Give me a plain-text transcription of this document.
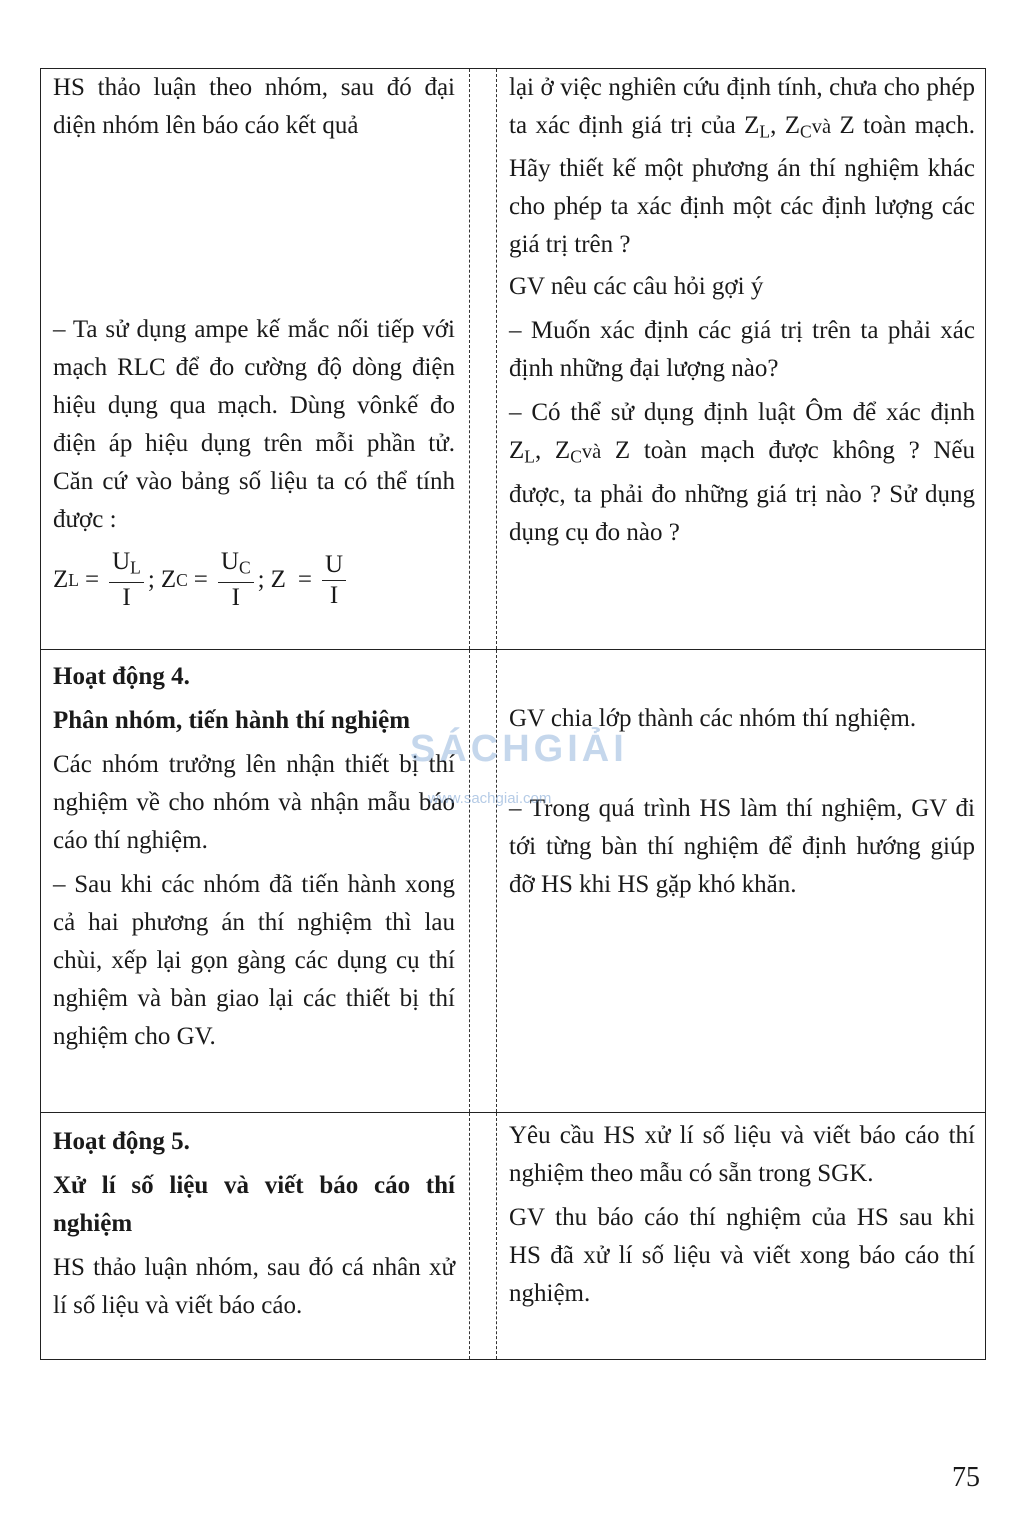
HS thảo luận theo nhóm, sau đó đại diện nhóm lên báo cáo kết quả

– Ta sử dụng ampe kế mắc nối tiếp với mạch RLC để đo cường độ dòng điện hiệu dụng qua mạch. Dùng vônkế đo điện áp hiệu dụng trên mỗi phần tử. Căn cứ vào bảng số liệu ta có thể tính được :

Z $L = \frac{U_L}{I}$ ; Z $C = \frac{U_C}{I}$ ; $Z = \frac{U}{I}$

lại ở việc nghiên cứu định tính, chưa cho phép ta xác định giá trị của $Z_L$, $Z_Cvà$ Z toàn mạch. Hãy thiết kế một phương án thí nghiệm khác cho phép ta xác định một các định lượng các giá trị trên ?

GV nêu các câu hỏi gợi ý

– Muốn xác định các giá trị trên ta phải xác định những đại lượng nào?

– Có thể sử dụng định luật Ôm để xác định $Z_L$, $Z_Cvà$ Z toàn mạch được không ? Nếu được, ta phải đo những giá trị nào ? Sử dụng dụng cụ đo nào ?

Hoạt động 4.

Phân nhóm, tiến hành thí nghiệm

Các nhóm trưởng lên nhận thiết bị thí nghiệm về cho nhóm và nhận mẫu báo cáo thí nghiệm.

– Sau khi các nhóm đã tiến hành xong cả hai phương án thí nghiệm thì lau chùi, xếp lại gọn gàng các dụng cụ thí nghiệm và bàn giao lại các thiết bị thí nghiệm cho GV.

GV chia lớp thành các nhóm thí nghiệm.

– Trong quá trình HS làm thí nghiệm, GV đi tới từng bàn thí nghiệm để định hướng giúp đỡ HS khi HS gặp khó khăn.

Hoạt động 5.

Xử lí số liệu và viết báo cáo thí nghiệm

HS thảo luận nhóm, sau đó cá nhân xử lí số liệu và viết báo cáo.

Yêu cầu HS xử lí số liệu và viết báo cáo thí nghiệm theo mẫu có sẵn trong SGK.

GV thu báo cáo thí nghiệm của HS sau khi HS đã xử lí số liệu và viết xong báo cáo thí nghiệm.

SÁCHGIẢI
www.sachgiai.com
75
